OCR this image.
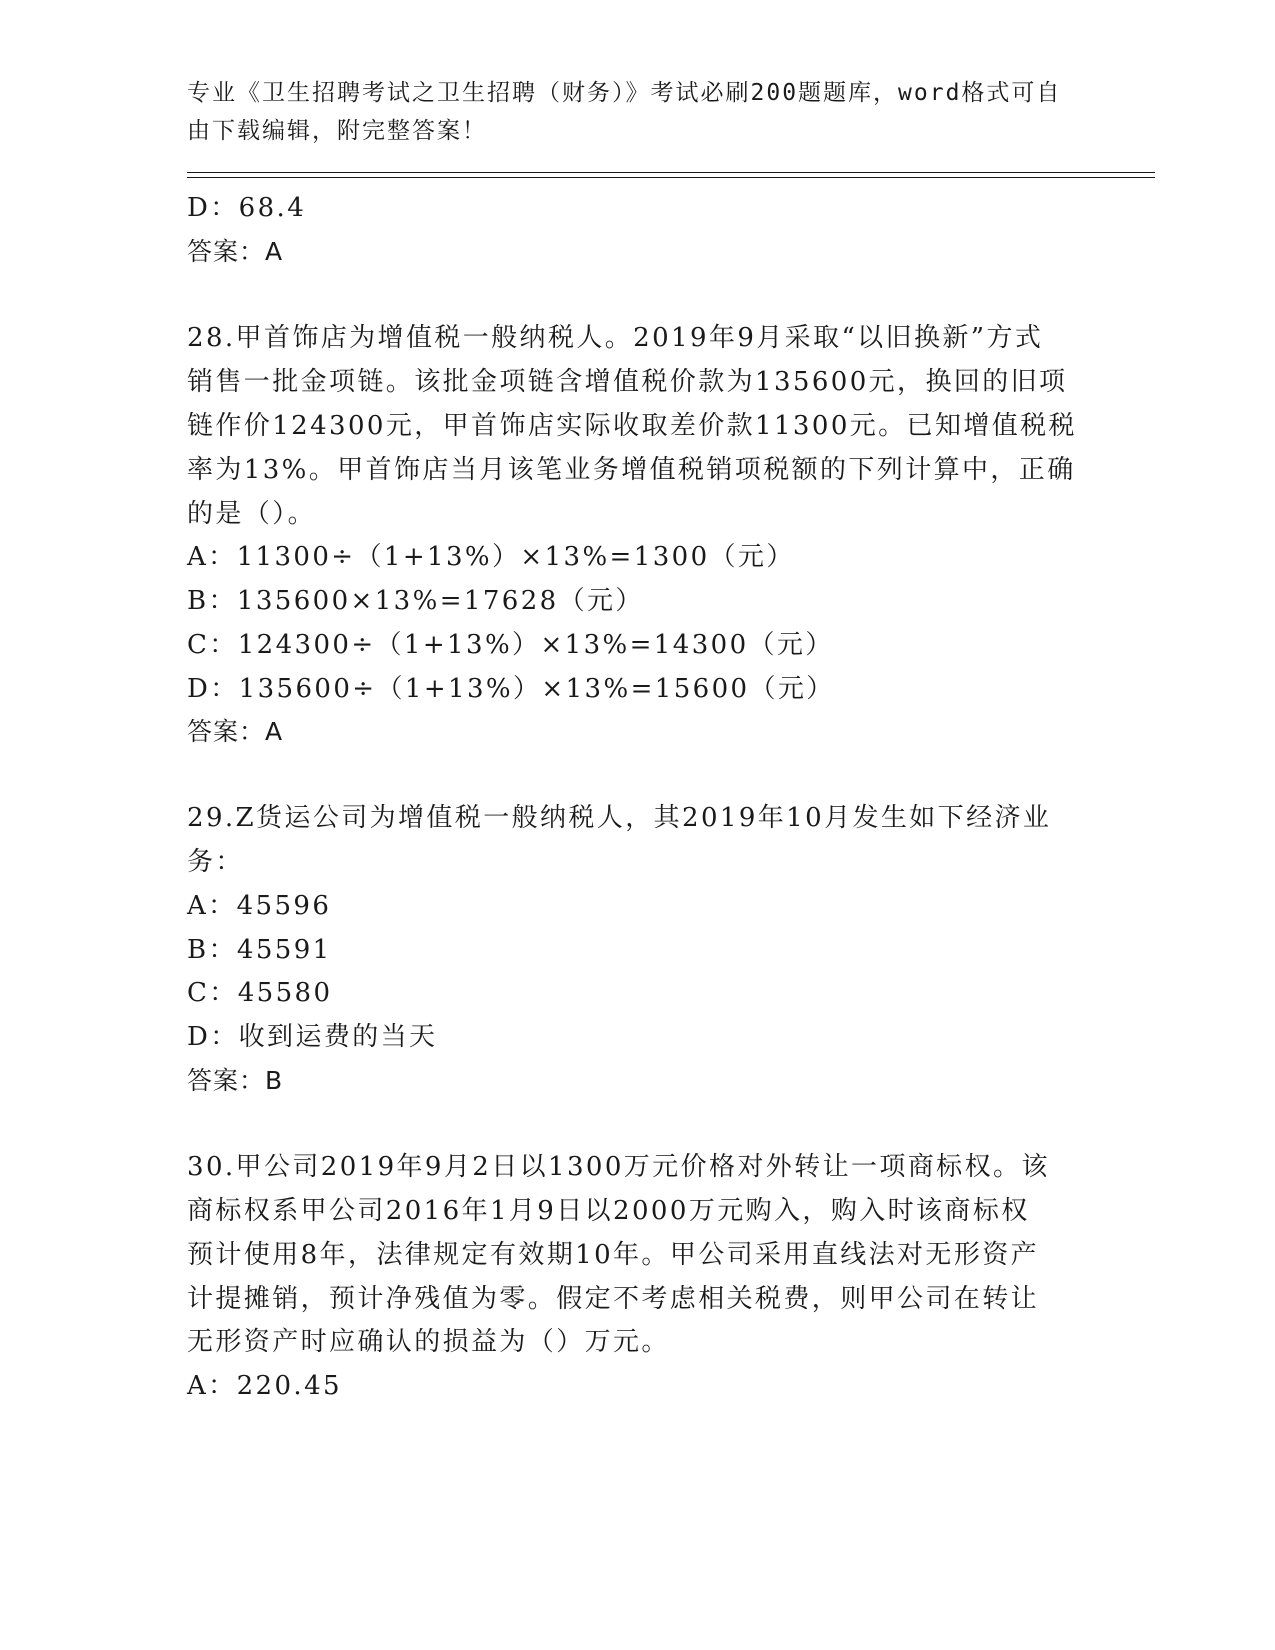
专业《卫生招聘考试之卫生招聘（财务）》考试必刷200题题库，word格式可自
由下载编辑，附完整答案！
D：68.4
答案：A
28.甲首饰店为增值税一般纳税人。2019年9月采取“以旧换新”方式
销售一批金项链。该批金项链含增值税价款为135600元，换回的旧项
链作价124300元，甲首饰店实际收取差价款11300元。已知增值税税
率为13%。甲首饰店当月该笔业务增值税销项税额的下列计算中，正确
的是（）。
A：11300÷（1+13%）×13%=1300（元）
B：135600×13%=17628（元）
C：124300÷（1+13%）×13%=14300（元）
D：135600÷（1+13%）×13%=15600（元）
答案：A
29.Z货运公司为增值税一般纳税人，其2019年10月发生如下经济业
务：
A：45596
B：45591
C：45580
D：收到运费的当天
答案：B
30.甲公司2019年9月2日以1300万元价格对外转让一项商标权。该
商标权系甲公司2016年1月9日以2000万元购入，购入时该商标权
预计使用8年，法律规定有效期10年。甲公司采用直线法对无形资产
计提摊销，预计净残值为零。假定不考虑相关税费，则甲公司在转让
无形资产时应确认的损益为（）万元。
A：220.45
